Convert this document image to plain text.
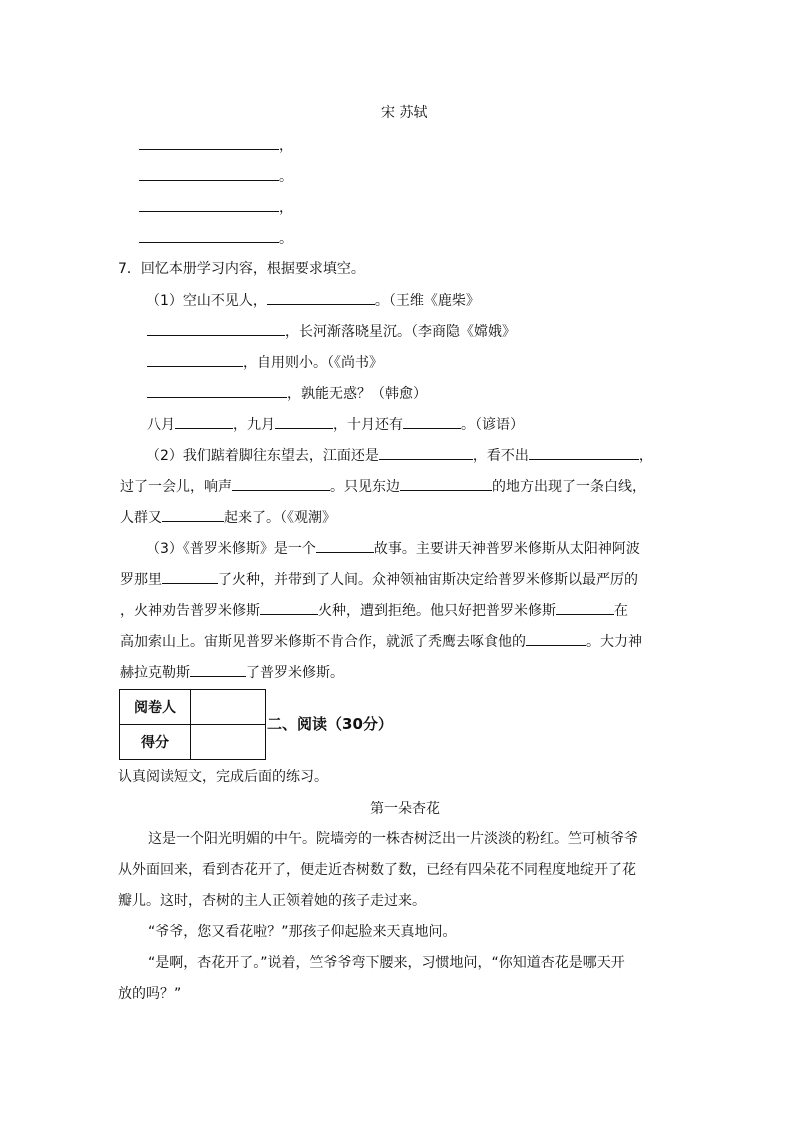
宋 苏轼
，
。
，
。
7．回忆本册学习内容，根据要求填空。
（1）空山不见人，	。（王维《鹿柴》
，长河渐落晓星沉。（李商隐《嫦娥》
，自用则小。（《尚书》
，孰能无惑？（韩愈）
八月	，九月	，十月还有	。（谚语）
（2）我们踮着脚往东望去，江面还是	，看不出	，
过了一会儿，响声	。只见东边	的地方出现了一条白线，
人群又	起来了。（《观潮》
（3）《普罗米修斯》是一个	故事。主要讲天神普罗米修斯从太阳神阿波
罗那里	了火种，并带到了人间。众神领袖宙斯决定给普罗米修斯以最严厉的
，火神劝告普罗米修斯	火种，遭到拒绝。他只好把普罗米修斯	在
高加索山上。宙斯见普罗米修斯不肯合作，就派了秃鹰去啄食他的	。大力神
赫拉克勒斯	了普罗米修斯。
阅卷人	
得分	
二、阅读（30分）
认真阅读短文，完成后面的练习。
第一朵杏花
这是一个阳光明媚的中午。院墙旁的一株杏树泛出一片淡淡的粉红。竺可桢爷爷
从外面回来，看到杏花开了，便走近杏树数了数，已经有四朵花不同程度地绽开了花
瓣儿。这时，杏树的主人正领着她的孩子走过来。
“爷爷，您又看花啦？”那孩子仰起脸来天真地问。
“是啊，杏花开了。”说着，竺爷爷弯下腰来，习惯地问，“你知道杏花是哪天开
放的吗？”
